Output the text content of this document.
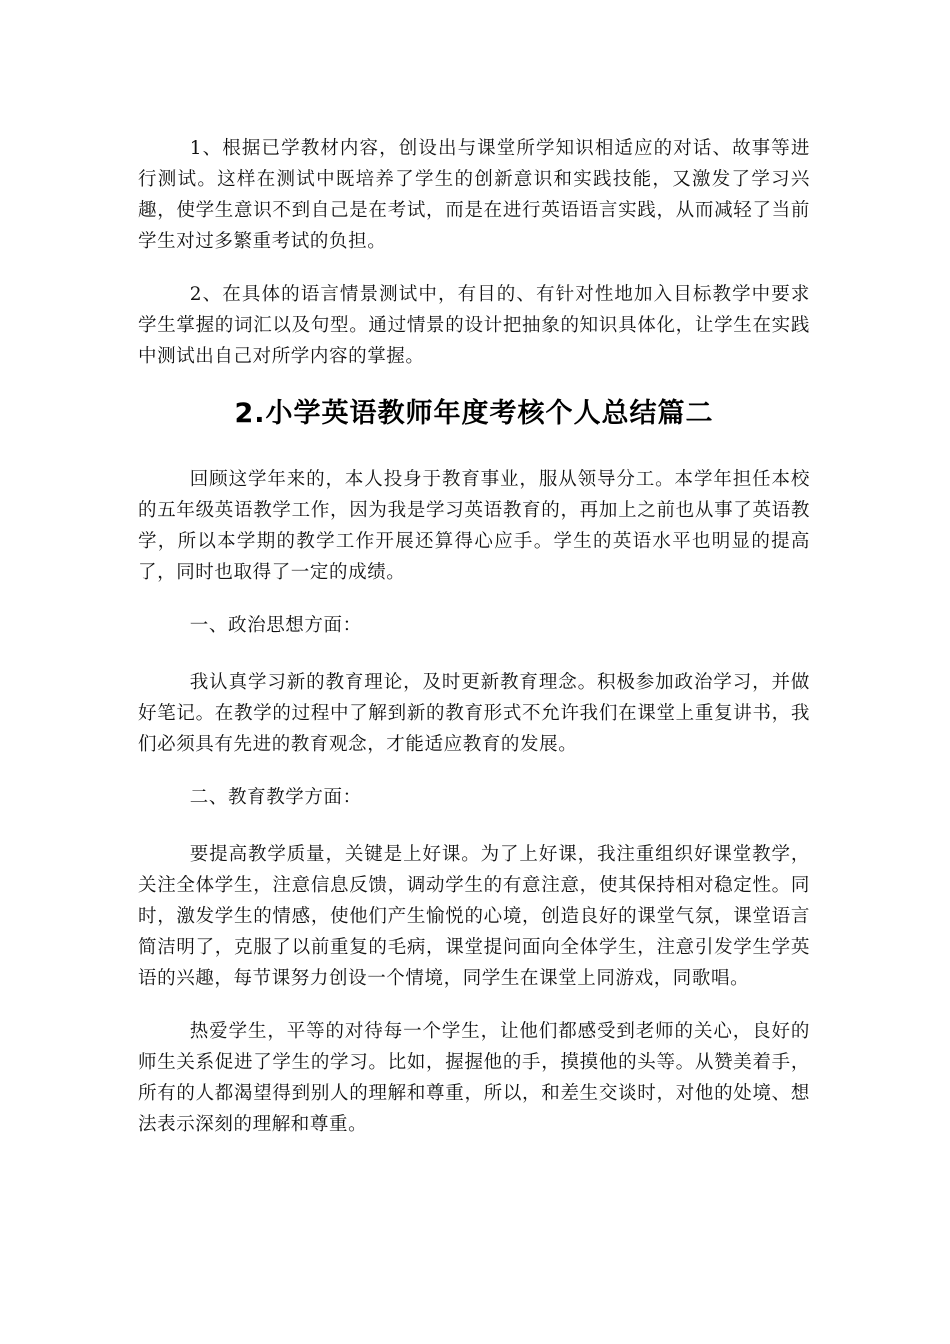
1、根据已学教材内容，创设出与课堂所学知识相适应的对话、故事等进行测试。这样在测试中既培养了学生的创新意识和实践技能，又激发了学习兴趣，使学生意识不到自己是在考试，而是在进行英语语言实践，从而减轻了当前学生对过多繁重考试的负担。

2、在具体的语言情景测试中，有目的、有针对性地加入目标教学中要求学生掌握的词汇以及句型。通过情景的设计把抽象的知识具体化，让学生在实践中测试出自己对所学内容的掌握。

2.小学英语教师年度考核个人总结篇二

回顾这学年来的，本人投身于教育事业，服从领导分工。本学年担任本校的五年级英语教学工作，因为我是学习英语教育的，再加上之前也从事了英语教学，所以本学期的教学工作开展还算得心应手。学生的英语水平也明显的提高了，同时也取得了一定的成绩。

一、政治思想方面：

我认真学习新的教育理论，及时更新教育理念。积极参加政治学习，并做好笔记。在教学的过程中了解到新的教育形式不允许我们在课堂上重复讲书，我们必须具有先进的教育观念，才能适应教育的发展。

二、教育教学方面：

要提高教学质量，关键是上好课。为了上好课，我注重组织好课堂教学，关注全体学生，注意信息反馈，调动学生的有意注意，使其保持相对稳定性。同时，激发学生的情感，使他们产生愉悦的心境，创造良好的课堂气氛，课堂语言简洁明了，克服了以前重复的毛病，课堂提问面向全体学生，注意引发学生学英语的兴趣，每节课努力创设一个情境，同学生在课堂上同游戏，同歌唱。

热爱学生，平等的对待每一个学生，让他们都感受到老师的关心，良好的师生关系促进了学生的学习。比如，握握他的手，摸摸他的头等。从赞美着手，所有的人都渴望得到别人的理解和尊重，所以，和差生交谈时，对他的处境、想法表示深刻的理解和尊重。
